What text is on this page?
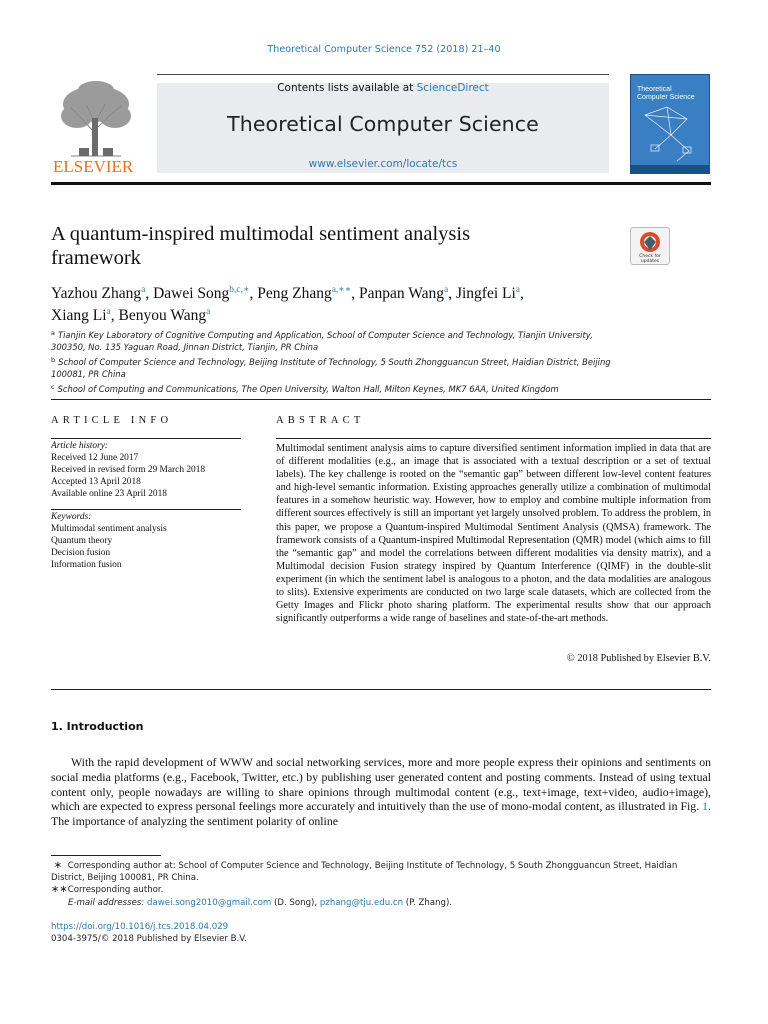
Theoretical Computer Science 752 (2018) 21–40
ELSEVIER
Contents lists available at ScienceDirect
Theoretical Computer Science
www.elsevier.com/locate/tcs
Theoretical Computer Science
A quantum-inspired multimodal sentiment analysis
framework	Check for updates
Yazhou Zhang$^a$, Dawei Song$^{b,c,∗}$, Peng Zhang$^{a,∗∗}$, Panpan Wang$^a$, Jingfei Li$^a$,
Xiang Li$^a$, Benyou Wang$^a$
$^a$ Tianjin Key Laboratory of Cognitive Computing and Application, School of Computer Science and Technology, Tianjin University, 300350, No. 135 Yaguan Road, Jinnan District, Tianjin, PR China
$^b$ School of Computer Science and Technology, Beijing Institute of Technology, 5 South Zhongguancun Street, Haidian District, Beijing 100081, PR China
$^c$ School of Computing and Communications, The Open University, Walton Hall, Milton Keynes, MK7 6AA, United Kingdom
ARTICLE INFO
Article history:
Received 12 June 2017
Received in revised form 29 March 2018
Accepted 13 April 2018
Available online 23 April 2018
Keywords:
Multimodal sentiment analysis
Quantum theory
Decision fusion
Information fusion
ABSTRACT
Multimodal sentiment analysis aims to capture diversified sentiment information implied in data that are of different modalities (e.g., an image that is associated with a textual description or a set of textual labels). The key challenge is rooted on the “semantic gap” between different low-level content features and high-level semantic information. Existing approaches generally utilize a combination of multimodal features in a somehow heuristic way. However, how to employ and combine multiple information from different sources effectively is still an important yet largely unsolved problem. To address the problem, in this paper, we propose a Quantum-inspired Multimodal Sentiment Analysis (QMSA) framework. The framework consists of a Quantum-inspired Multimodal Representation (QMR) model (which aims to fill the “semantic gap” and model the correlations between different modalities via density matrix), and a Multimodal decision Fusion strategy inspired by Quantum Interference (QIMF) in the double-slit experiment (in which the sentiment label is analogous to a photon, and the data modalities are analogous to slits). Extensive experiments are conducted on two large scale datasets, which are collected from the Getty Images and Flickr photo sharing platform. The experimental results show that our approach significantly outperforms a wide range of baselines and state-of-the-art methods.
© 2018 Published by Elsevier B.V.
1. Introduction
With the rapid development of WWW and social networking services, more and more people express their opinions and sentiments on social media platforms (e.g., Facebook, Twitter, etc.) by publishing user generated content and posting comments. Instead of using textual content only, people nowadays are willing to share opinions through multimodal content (e.g., text+image, text+video, audio+image), which are expected to express personal feelings more accurately and intuitively than the use of mono-modal content, as illustrated in Fig. 1. The importance of analyzing the sentiment polarity of online
∗ Corresponding author at: School of Computer Science and Technology, Beijing Institute of Technology, 5 South Zhongguancun Street, Haidian District, Beijing 100081, PR China.
∗∗ Corresponding author.
E-mail addresses: dawei.song2010@gmail.com (D. Song), pzhang@tju.edu.cn (P. Zhang).
https://doi.org/10.1016/j.tcs.2018.04.029
0304-3975/© 2018 Published by Elsevier B.V.
